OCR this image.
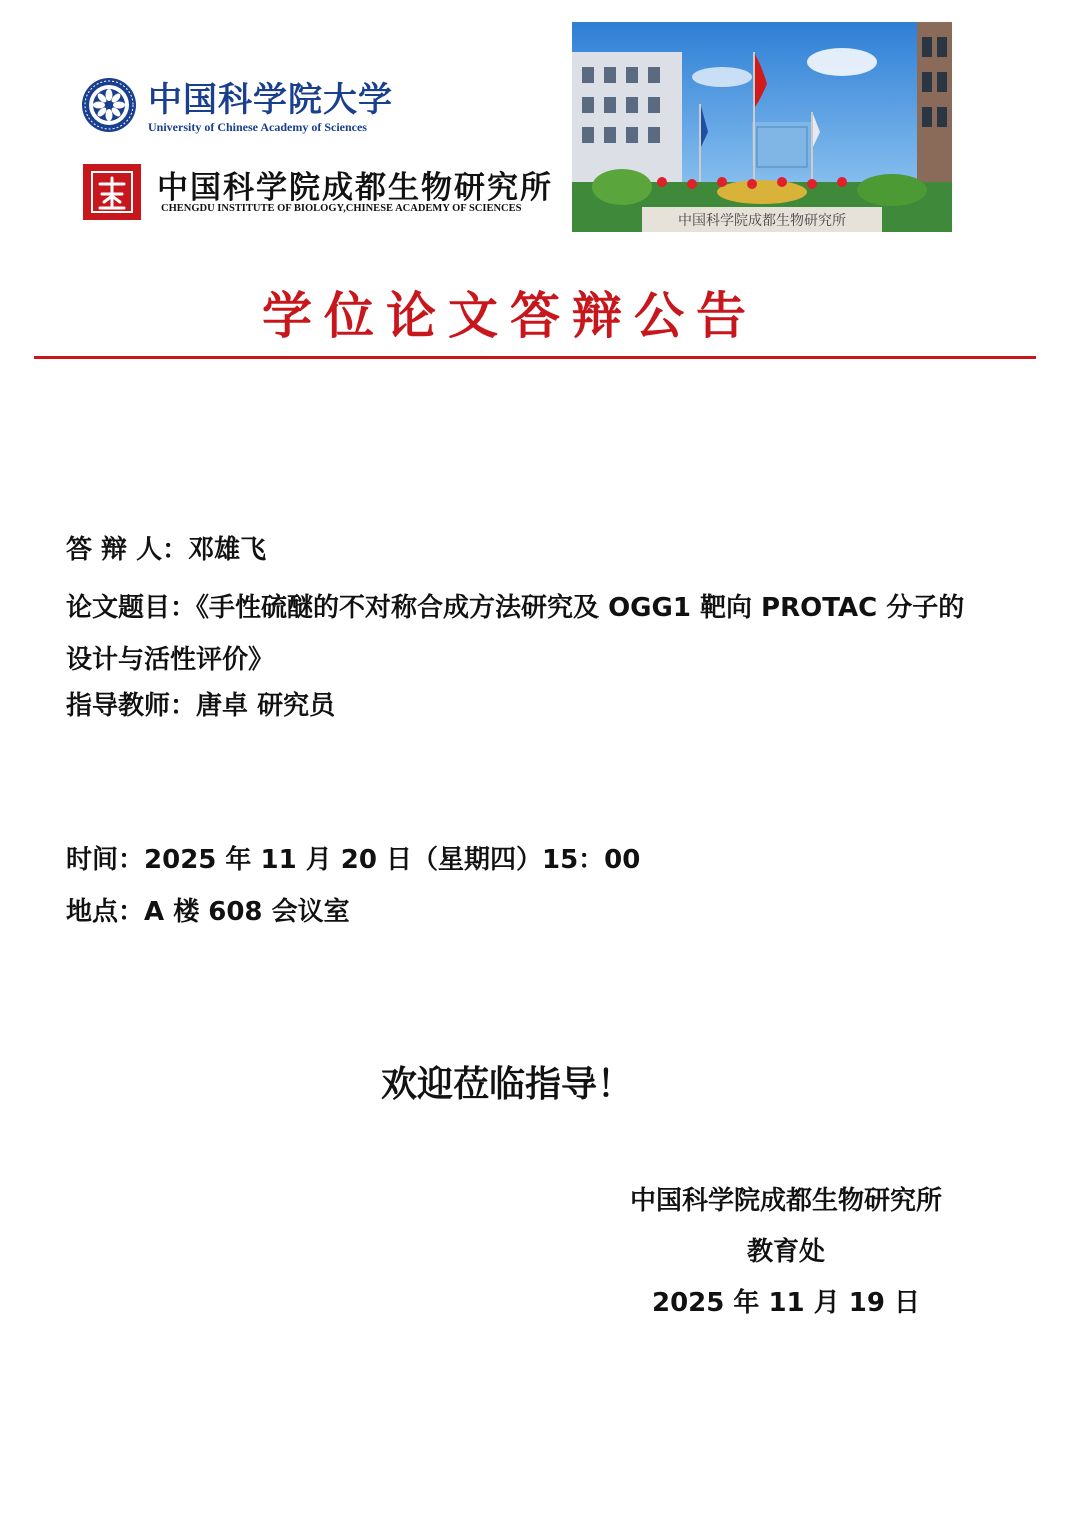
中国科学院大学
University of Chinese Academy of Sciences
中国科学院成都生物研究所
CHENGDU INSTITUTE OF BIOLOGY,CHINESE ACADEMY OF SCIENCES
中国科学院成都生物研究所
学位论文答辩公告
答 辩 人：邓雄飞
论文题目：《手性硫醚的不对称合成方法研究及 OGG1 靶向 PROTAC 分子的设计与活性评价》
指导教师：唐卓 研究员
时间：2025 年 11 月 20 日（星期四）15：00
地点：A 楼 608 会议室
欢迎莅临指导！
中国科学院成都生物研究所
教育处
2025 年 11 月 19 日
